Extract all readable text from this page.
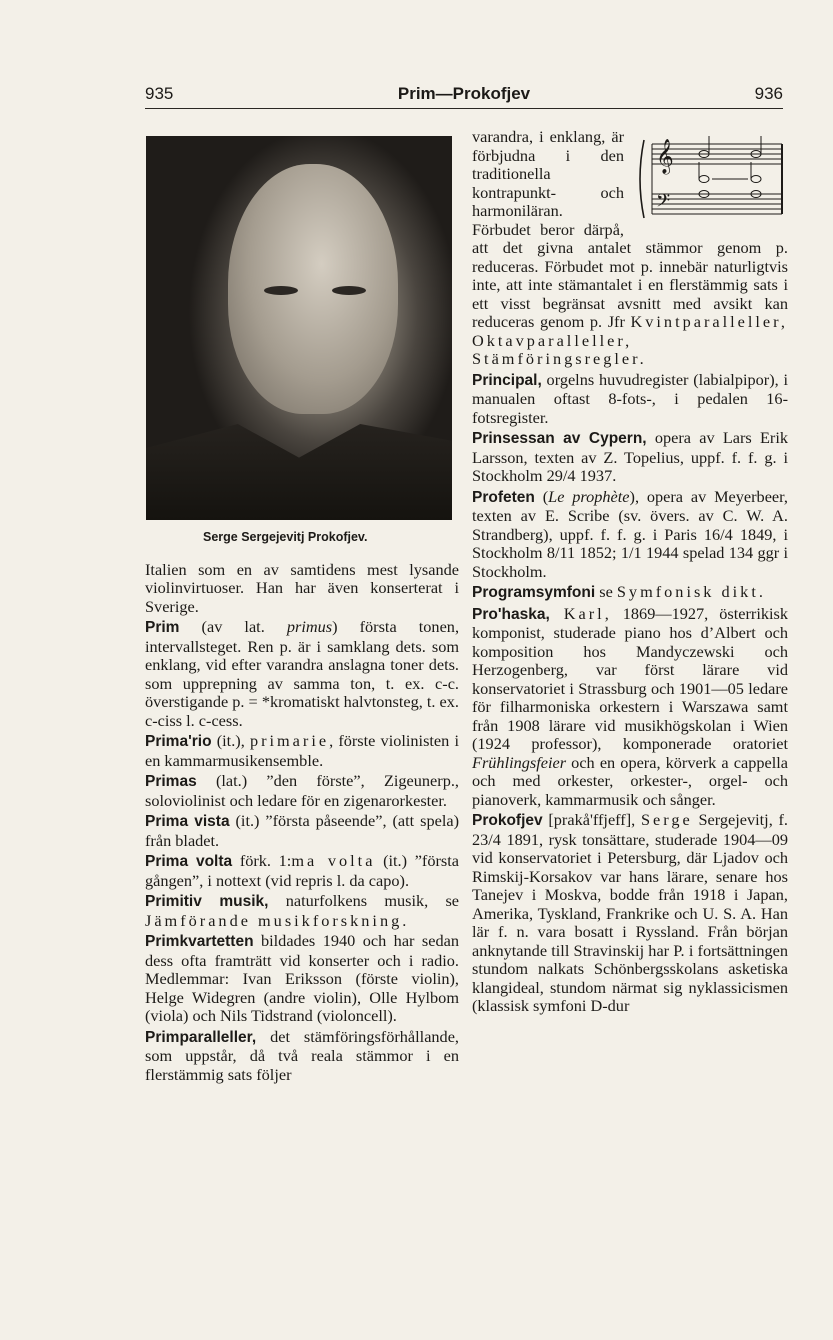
935	Prim—Prokofjev	936
Serge Sergejevitj Prokofjev.

Italien som en av samtidens mest lysande violinvirtuoser. Han har även konserterat i Sverige.

Prim (av lat. primus) första tonen, intervallsteget. Ren p. är i samklang dets. som enklang, vid efter varandra anslagna toner dets. som upprepning av samma ton, t. ex. c-c. överstigande p. = *kromatiskt halvtonsteg, t. ex. c-ciss l. c-cess.

Prima'rio (it.), primarie, förste violinisten i en kammarmusikensemble.

Primas (lat.) ”den förste”, Zigeunerp., soloviolinist och ledare för en zigenarorkester.

Prima vista (it.) ”första påseende”, (att spela) från bladet.

Prima volta förk. 1:ma volta (it.) ”första gången”, i nottext (vid repris l. da capo).

Primitiv musik, naturfolkens musik, se Jämförande musikforskning.

Primkvartetten bildades 1940 och har sedan dess ofta framträtt vid konserter och i radio. Medlemmar: Ivan Eriksson (förste violin), Helge Widegren (andre violin), Olle Hylbom (viola) och Nils Tidstrand (violoncell).

Primparalleller, det stämföringsförhållande, som uppstår, då två reala stämmor i en flerstämmig sats följer

𝄞
𝄢

varandra, i enklang, är förbjudna i den traditionella kontrapunkt- och harmoniläran. Förbudet beror därpå, att det givna antalet stämmor genom p. reduceras. Förbudet mot p. innebär naturligtvis inte, att inte stämantalet i en flerstämmig sats i ett visst begränsat avsnitt med avsikt kan reduceras genom p. Jfr Kvintparalleller, Oktavparalleller, Stämföringsregler.

Principal, orgelns huvudregister (labialpipor), i manualen oftast 8-fots-, i pedalen 16-fotsregister.

Prinsessan av Cypern, opera av Lars Erik Larsson, texten av Z. Topelius, uppf. f. f. g. i Stockholm 29/4 1937.

Profeten (Le prophète), opera av Meyerbeer, texten av E. Scribe (sv. övers. av C. W. A. Strandberg), uppf. f. f. g. i Paris 16/4 1849, i Stockholm 8/11 1852; 1/1 1944 spelad 134 ggr i Stockholm.

Programsymfoni se Symfonisk dikt.

Pro'haska, Karl, 1869—1927, österrikisk komponist, studerade piano hos d’Albert och komposition hos Mandyczewski och Herzogenberg, var först lärare vid konservatoriet i Strassburg och 1901—05 ledare för filharmoniska orkestern i Warszawa samt från 1908 lärare vid musikhögskolan i Wien (1924 professor), komponerade oratoriet Frühlingsfeier och en opera, körverk a cappella och med orkester, orkester-, orgel- och pianoverk, kammarmusik och sånger.

Prokofjev [prakå'ffjeff], Serge Sergejevitj, f. 23/4 1891, rysk tonsättare, studerade 1904—09 vid konservatoriet i Petersburg, där Ljadov och Rimskij-Korsakov var hans lärare, senare hos Tanejev i Moskva, bodde från 1918 i Japan, Amerika, Tyskland, Frankrike och U. S. A. Han lär f. n. vara bosatt i Ryssland. Från början anknytande till Stravinskij har P. i fortsättningen stundom nalkats Schönbergsskolans asketiska klangideal, stundom närmat sig nyklassicismen (klassisk symfoni D-dur
